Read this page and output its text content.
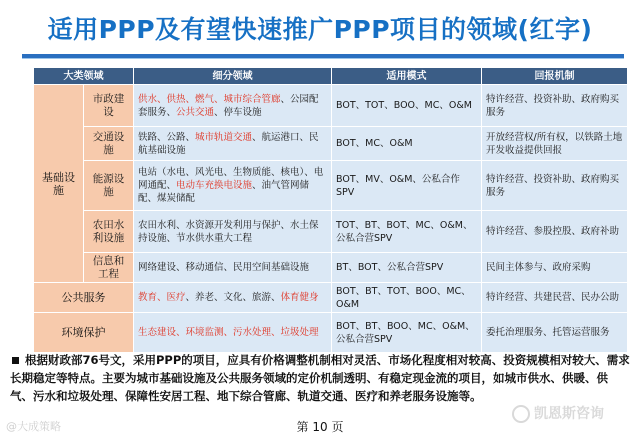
适用PPP及有望快速推广PPP项目的领域(红字)
大类领域		细分领域	适用模式	回报机制
基础设施	市政建设	供水、供热、燃气、城市综合管廊、公园配套服务、公共交通、停车设施	BOT、TOT、BOO、MC、O&M	特许经营、投资补助、政府购买服务
	交通设施	铁路、公路、城市轨道交通、航运港口、民航基础设施	BOT、MC、O&M	开放经营权/所有权，以铁路土地开发收益提供回报
	能源设施	电站（水电、风光电、生物质能、核电）、电网通配、电动车充换电设施、油气管网储配、煤炭储配	BOT、MV、O&M、公私合作SPV	特许经营、投资补助、政府购买服务
	农田水利设施	农田水利、水资源开发利用与保护、水土保持设施、节水供水重大工程	TOT、BT、BOT、MC、O&M、公私合营SPV	特许经营、参股控股、政府补助
	信息和工程	网络建设、移动通信、民用空间基础设施	BT、BOT、公私合营SPV	民间主体参与、政府采购
公共服务		教育、医疗、养老、文化、旅游、体育健身	BOT、BT、TOT、BOO、MC、O&M	特许经营、共建民营、民办公助
环境保护		生态建设、环境监测、污水处理、垃圾处理	BOT、BT、BOO、MC、O&M、公私合营SPV	委托治理服务、托管运营服务
根据财政部76号文，采用PPP的项目，应具有价格调整机制相对灵活、市场化程度相对较高、投资规模相对较大、需求长期稳定等特点。主要为城市基础设施及公共服务领域的定价机制透明、有稳定现金流的项目，如城市供水、供暖、供气、污水和垃圾处理、保障性安居工程、地下综合管廊、轨道交通、医疗和养老服务设施等。
第 10 页
@大成策略
凯恩斯咨询
